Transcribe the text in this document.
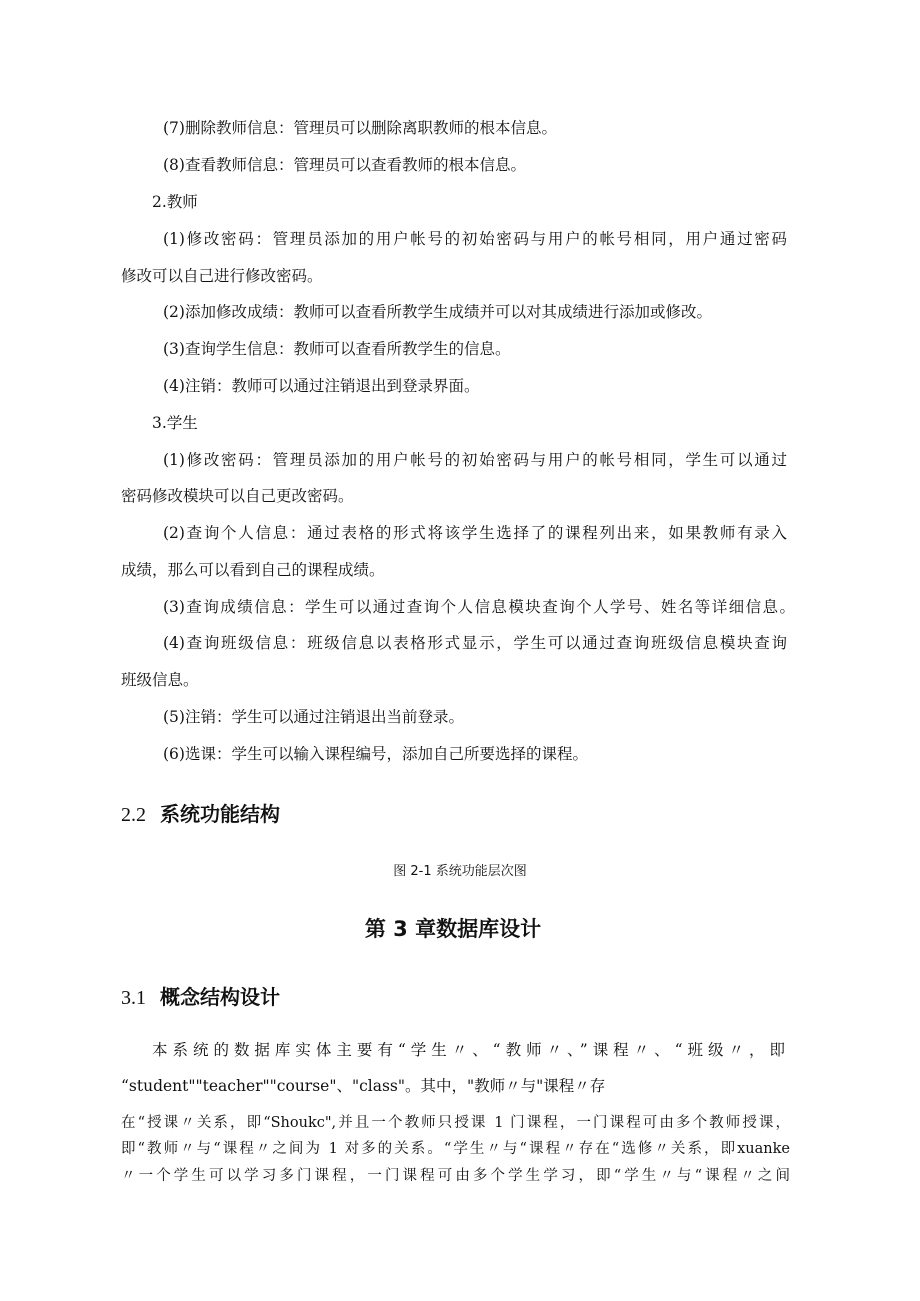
(7)删除教师信息：管理员可以删除离职教师的根本信息。
(8)查看教师信息：管理员可以查看教师的根本信息。
2.教师
(1)修改密码：管理员添加的用户帐号的初始密码与用户的帐号相同，用户通过密码
修改可以自己进行修改密码。
(2)添加修改成绩：教师可以查看所教学生成绩并可以对其成绩进行添加或修改。
(3)查询学生信息：教师可以查看所教学生的信息。
(4)注销：教师可以通过注销退出到登录界面。
3.学生
(1)修改密码：管理员添加的用户帐号的初始密码与用户的帐号相同，学生可以通过
密码修改模块可以自己更改密码。
(2)查询个人信息：通过表格的形式将该学生选择了的课程列出来，如果教师有录入
成绩，那么可以看到自己的课程成绩。
(3)查询成绩信息：学生可以通过查询个人信息模块查询个人学号、姓名等详细信息。
(4)查询班级信息：班级信息以表格形式显示，学生可以通过查询班级信息模块查询
班级信息。
(5)注销：学生可以通过注销退出当前登录。
(6)选课：学生可以输入课程编号，添加自己所要选择的课程。
2.2 系统功能结构
图 2-1 系统功能层次图
第 3 章数据库设计
3.1 概念结构设计
本系统的数据库实体主要有“学生〃、“教师〃、”课程〃、“班级〃，即
“student""teacher""course"、"class"。其中，"教师〃与"课程〃存
在“授课〃关系，即“Shoukc",并且一个教师只授课 1 门课程，一门课程可由多个教师授课，
即“教师〃与“课程〃之间为 1 对多的关系。“学生〃与“课程〃存在“选修〃关系，即xuanke
〃一个学生可以学习多门课程，一门课程可由多个学生学习，即“学生〃与“课程〃之间
